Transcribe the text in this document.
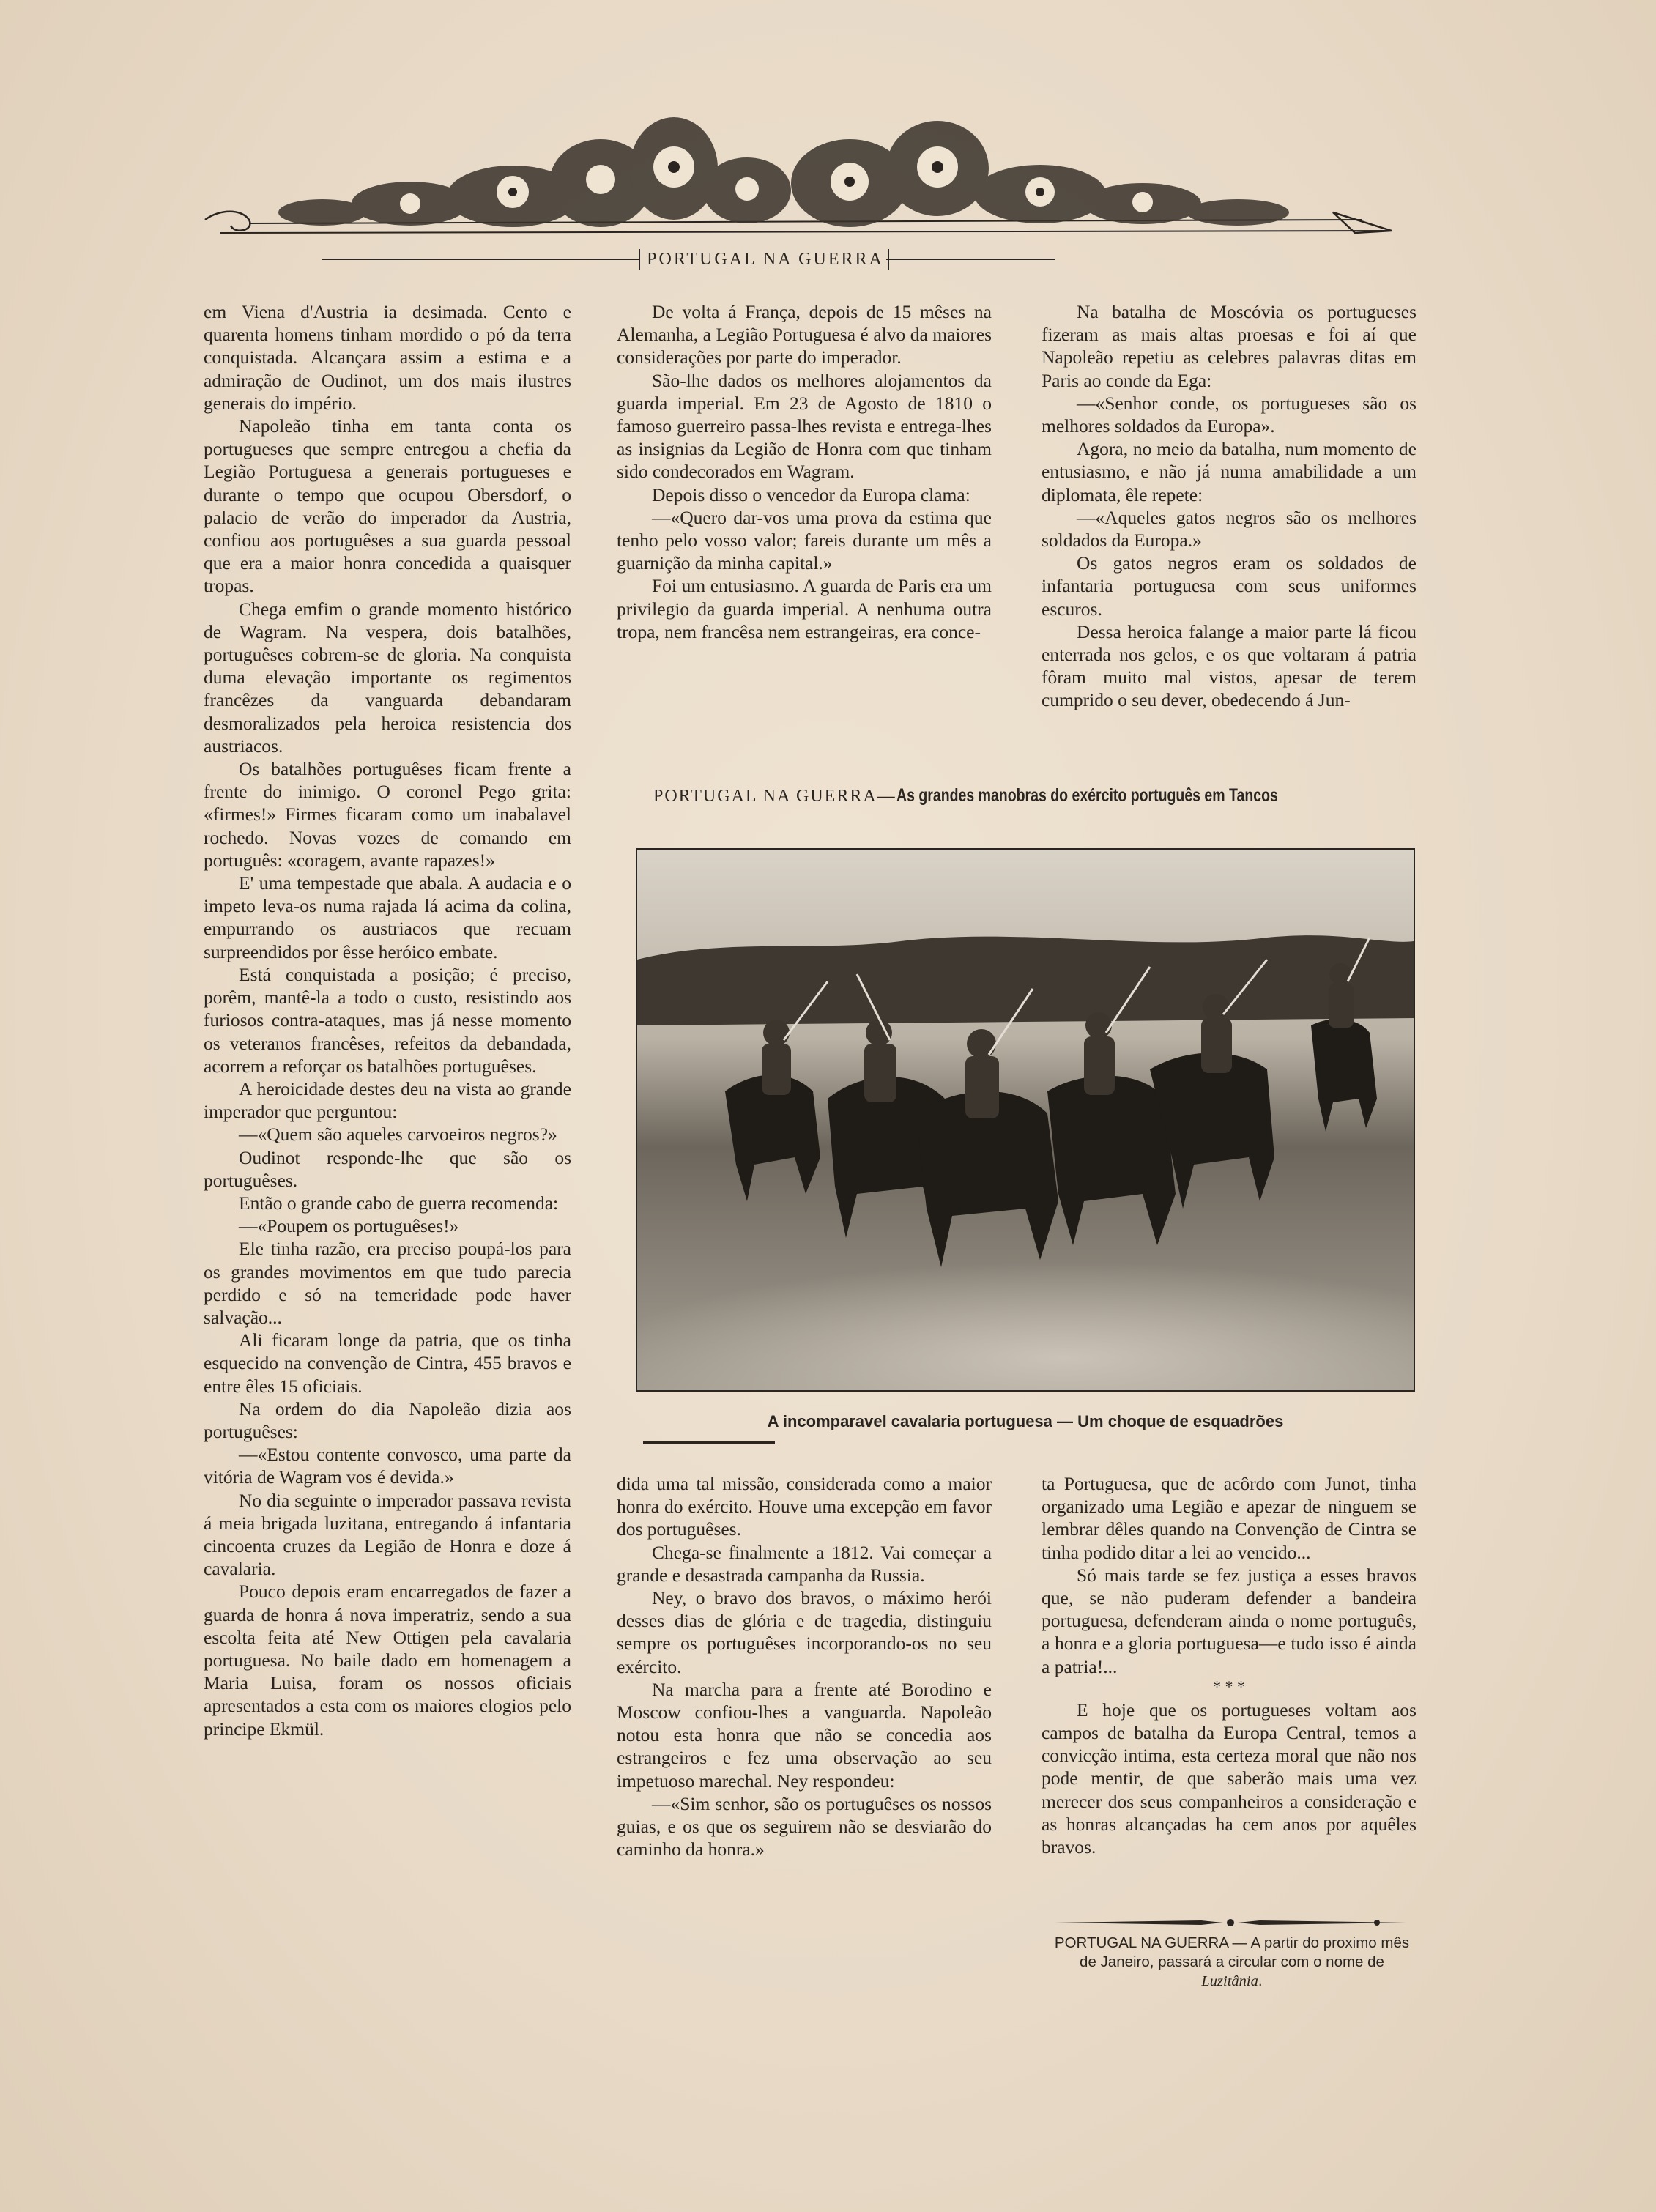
PORTUGAL NA GUERRA

em Viena d'Austria ia desimada. Cento e quarenta homens tinham mordido o pó da terra conquistada. Alcançara assim a estima e a admiração de Oudinot, um dos mais ilustres generais do império.

Napoleão tinha em tanta conta os portugueses que sempre entregou a chefia da Legião Portuguesa a generais portugueses e durante o tempo que ocupou Obersdorf, o palacio de verão do imperador da Austria, confiou aos portuguêses a sua guarda pessoal que era a maior honra concedida a quaisquer tropas.

Chega emfim o grande momento histórico de Wagram. Na vespera, dois batalhões, portuguêses cobrem-se de gloria. Na conquista duma elevação importante os regimentos francêzes da vanguarda debandaram desmoralizados pela heroica resistencia dos austriacos.

Os batalhões portuguêses ficam frente a frente do inimigo. O coronel Pego grita: «firmes!» Firmes ficaram como um inabalavel rochedo. Novas vozes de comando em português: «coragem, avante rapazes!»

E' uma tempestade que abala. A audacia e o impeto leva-os numa rajada lá acima da colina, empurrando os austriacos que recuam surpreendidos por êsse heróico embate.

Está conquistada a posição; é preciso, porêm, mantê-la a todo o custo, resistindo aos furiosos contra-ataques, mas já nesse momento os veteranos francêses, refeitos da debandada, acorrem a reforçar os batalhões portuguêses.

A heroicidade destes deu na vista ao grande imperador que perguntou:

—«Quem são aqueles carvoeiros negros?»

Oudinot responde-lhe que são os portuguêses.

Então o grande cabo de guerra recomenda:

—«Poupem os portuguêses!»

Ele tinha razão, era preciso poupá-los para os grandes movimentos em que tudo parecia perdido e só na temeridade pode haver salvação...

Ali ficaram longe da patria, que os tinha esquecido na convenção de Cintra, 455 bravos e entre êles 15 oficiais.

Na ordem do dia Napoleão dizia aos portuguêses:

—«Estou contente convosco, uma parte da vitória de Wagram vos é devida.»

No dia seguinte o imperador passava revista á meia brigada luzitana, entregando á infantaria cincoenta cruzes da Legião de Honra e doze á cavalaria.

Pouco depois eram encarregados de fazer a guarda de honra á nova imperatriz, sendo a sua escolta feita até New Ottigen pela cavalaria portuguesa. No baile dado em homenagem a Maria Luisa, foram os nossos oficiais apresentados a esta com os maiores elogios pelo principe Ekmül.

De volta á França, depois de 15 mêses na Alemanha, a Legião Portuguesa é alvo da maiores considerações por parte do imperador.

São-lhe dados os melhores alojamentos da guarda imperial. Em 23 de Agosto de 1810 o famoso guerreiro passa-lhes revista e entrega-lhes as insignias da Legião de Honra com que tinham sido condecorados em Wagram.

Depois disso o vencedor da Europa clama:

—«Quero dar-vos uma prova da estima que tenho pelo vosso valor; fareis durante um mês a guarnição da minha capital.»

Foi um entusiasmo. A guarda de Paris era um privilegio da guarda imperial. A nenhuma outra tropa, nem francêsa nem estrangeiras, era conce-

Na batalha de Moscóvia os portugueses fizeram as mais altas proesas e foi aí que Napoleão repetiu as celebres palavras ditas em Paris ao conde da Ega:

—«Senhor conde, os portugueses são os melhores soldados da Europa».

Agora, no meio da batalha, num momento de entusiasmo, e não já numa amabilidade a um diplomata, êle repete:

—«Aqueles gatos negros são os melhores soldados da Europa.»

Os gatos negros eram os soldados de infantaria portuguesa com seus uniformes escuros.

Dessa heroica falange a maior parte lá ficou enterrada nos gelos, e os que voltaram á patria fôram muito mal vistos, apesar de terem cumprido o seu dever, obedecendo á Jun-

PORTUGAL NA GUERRA—As grandes manobras do exército português em Tancos
A incomparavel cavalaria portuguesa — Um choque de esquadrões

dida uma tal missão, considerada como a maior honra do exército. Houve uma excepção em favor dos portuguêses.

Chega-se finalmente a 1812. Vai começar a grande e desastrada campanha da Russia.

Ney, o bravo dos bravos, o máximo herói desses dias de glória e de tragedia, distinguiu sempre os portuguêses incorporando-os no seu exército.

Na marcha para a frente até Borodino e Moscow confiou-lhes a vanguarda. Napoleão notou esta honra que não se concedia aos estrangeiros e fez uma observação ao seu impetuoso marechal. Ney respondeu:

—«Sim senhor, são os portuguêses os nossos guias, e os que os seguirem não se desviarão do caminho da honra.»

ta Portuguesa, que de acôrdo com Junot, tinha organizado uma Legião e apezar de ninguem se lembrar dêles quando na Convenção de Cintra se tinha podido ditar a lei ao vencido...

Só mais tarde se fez justiça a esses bravos que, se não puderam defender a bandeira portuguesa, defenderam ainda o nome português, a honra e a gloria portuguesa—e tudo isso é ainda a patria!...

* * *

E hoje que os portugueses voltam aos campos de batalha da Europa Central, temos a convicção intima, esta certeza moral que não nos pode mentir, de que saberão mais uma vez merecer dos seus companheiros a consideração e as honras alcançadas ha cem anos por aquêles bravos.

PORTUGAL NA GUERRA — A partir do proximo mês de Janeiro, passará a circular com o nome de Luzitânia.
